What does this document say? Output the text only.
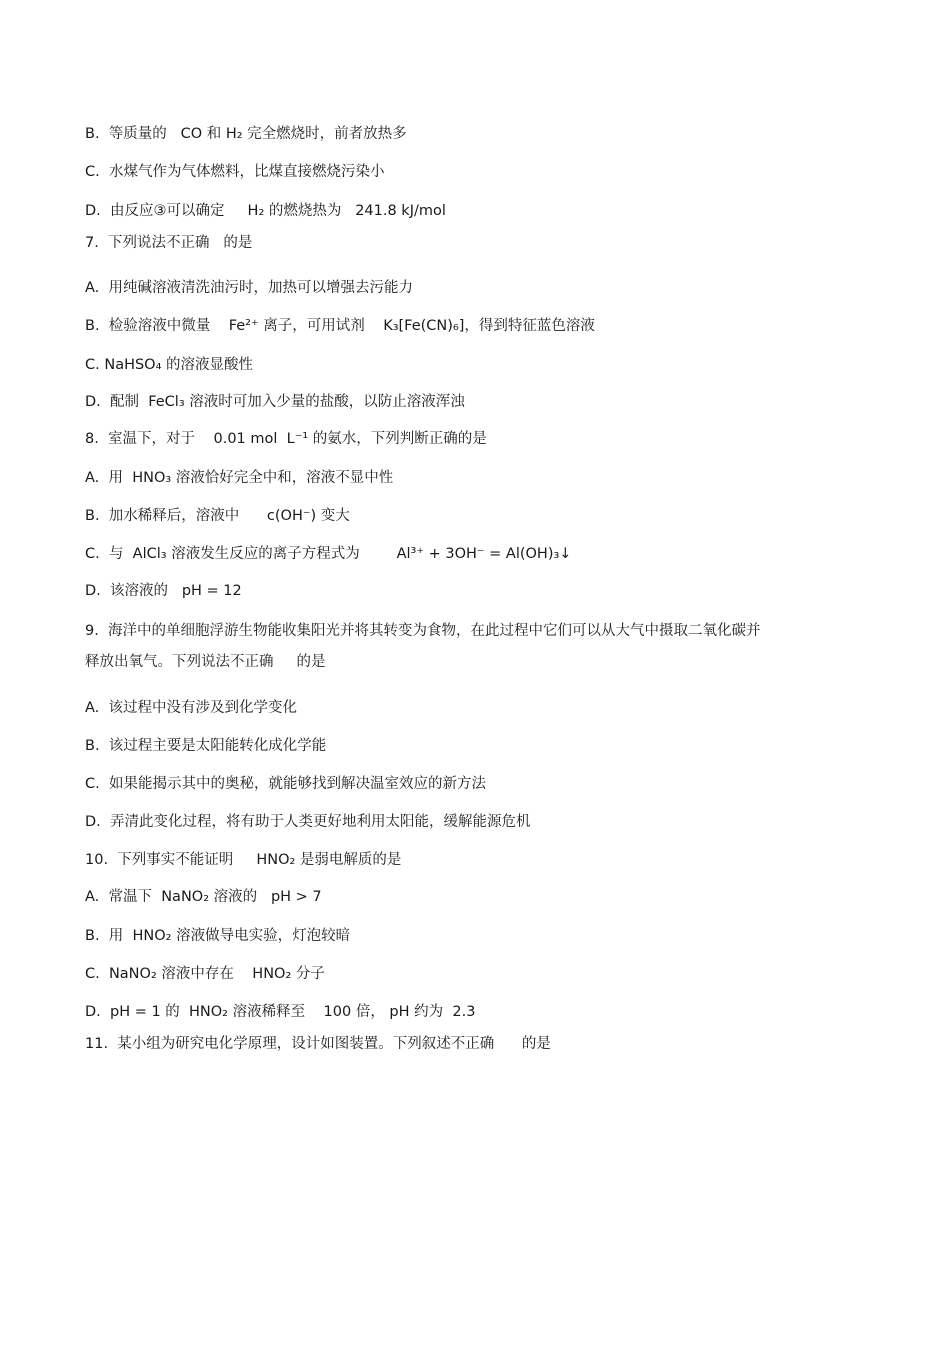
B.  等质量的   CO 和 H₂ 完全燃烧时，前者放热多
C.  水煤气作为气体燃料，比煤直接燃烧污染小
D.  由反应③可以确定     H₂ 的燃烧热为   241.8 kJ/mol
7.  下列说法不正确   的是
A.  用纯碱溶液清洗油污时，加热可以增强去污能力
B.  检验溶液中微量    Fe²⁺ 离子，可用试剂    K₃[Fe(CN)₆]，得到特征蓝色溶液
C. NaHSO₄ 的溶液显酸性
D.  配制  FeCl₃ 溶液时可加入少量的盐酸，以防止溶液浑浊
8.  室温下，对于    0.01 mol  L⁻¹ 的氨水，下列判断正确的是
A.  用  HNO₃ 溶液恰好完全中和，溶液不显中性
B.  加水稀释后，溶液中      c(OH⁻) 变大
C.  与  AlCl₃ 溶液发生反应的离子方程式为        Al³⁺ + 3OH⁻ = Al(OH)₃↓
D.  该溶液的   pH = 12
9.  海洋中的单细胞浮游生物能收集阳光并将其转变为食物，在此过程中它们可以从大气中摄取二氧化碳并
释放出氧气。下列说法不正确     的是
A.  该过程中没有涉及到化学变化
B.  该过程主要是太阳能转化成化学能
C.  如果能揭示其中的奥秘，就能够找到解决温室效应的新方法
D.  弄清此变化过程，将有助于人类更好地利用太阳能，缓解能源危机
10.  下列事实不能证明     HNO₂ 是弱电解质的是
A.  常温下  NaNO₂ 溶液的   pH > 7
B.  用  HNO₂ 溶液做导电实验，灯泡较暗
C.  NaNO₂ 溶液中存在    HNO₂ 分子
D.  pH = 1 的  HNO₂ 溶液稀释至    100 倍， pH 约为  2.3
11.  某小组为研究电化学原理，设计如图装置。下列叙述不正确      的是
